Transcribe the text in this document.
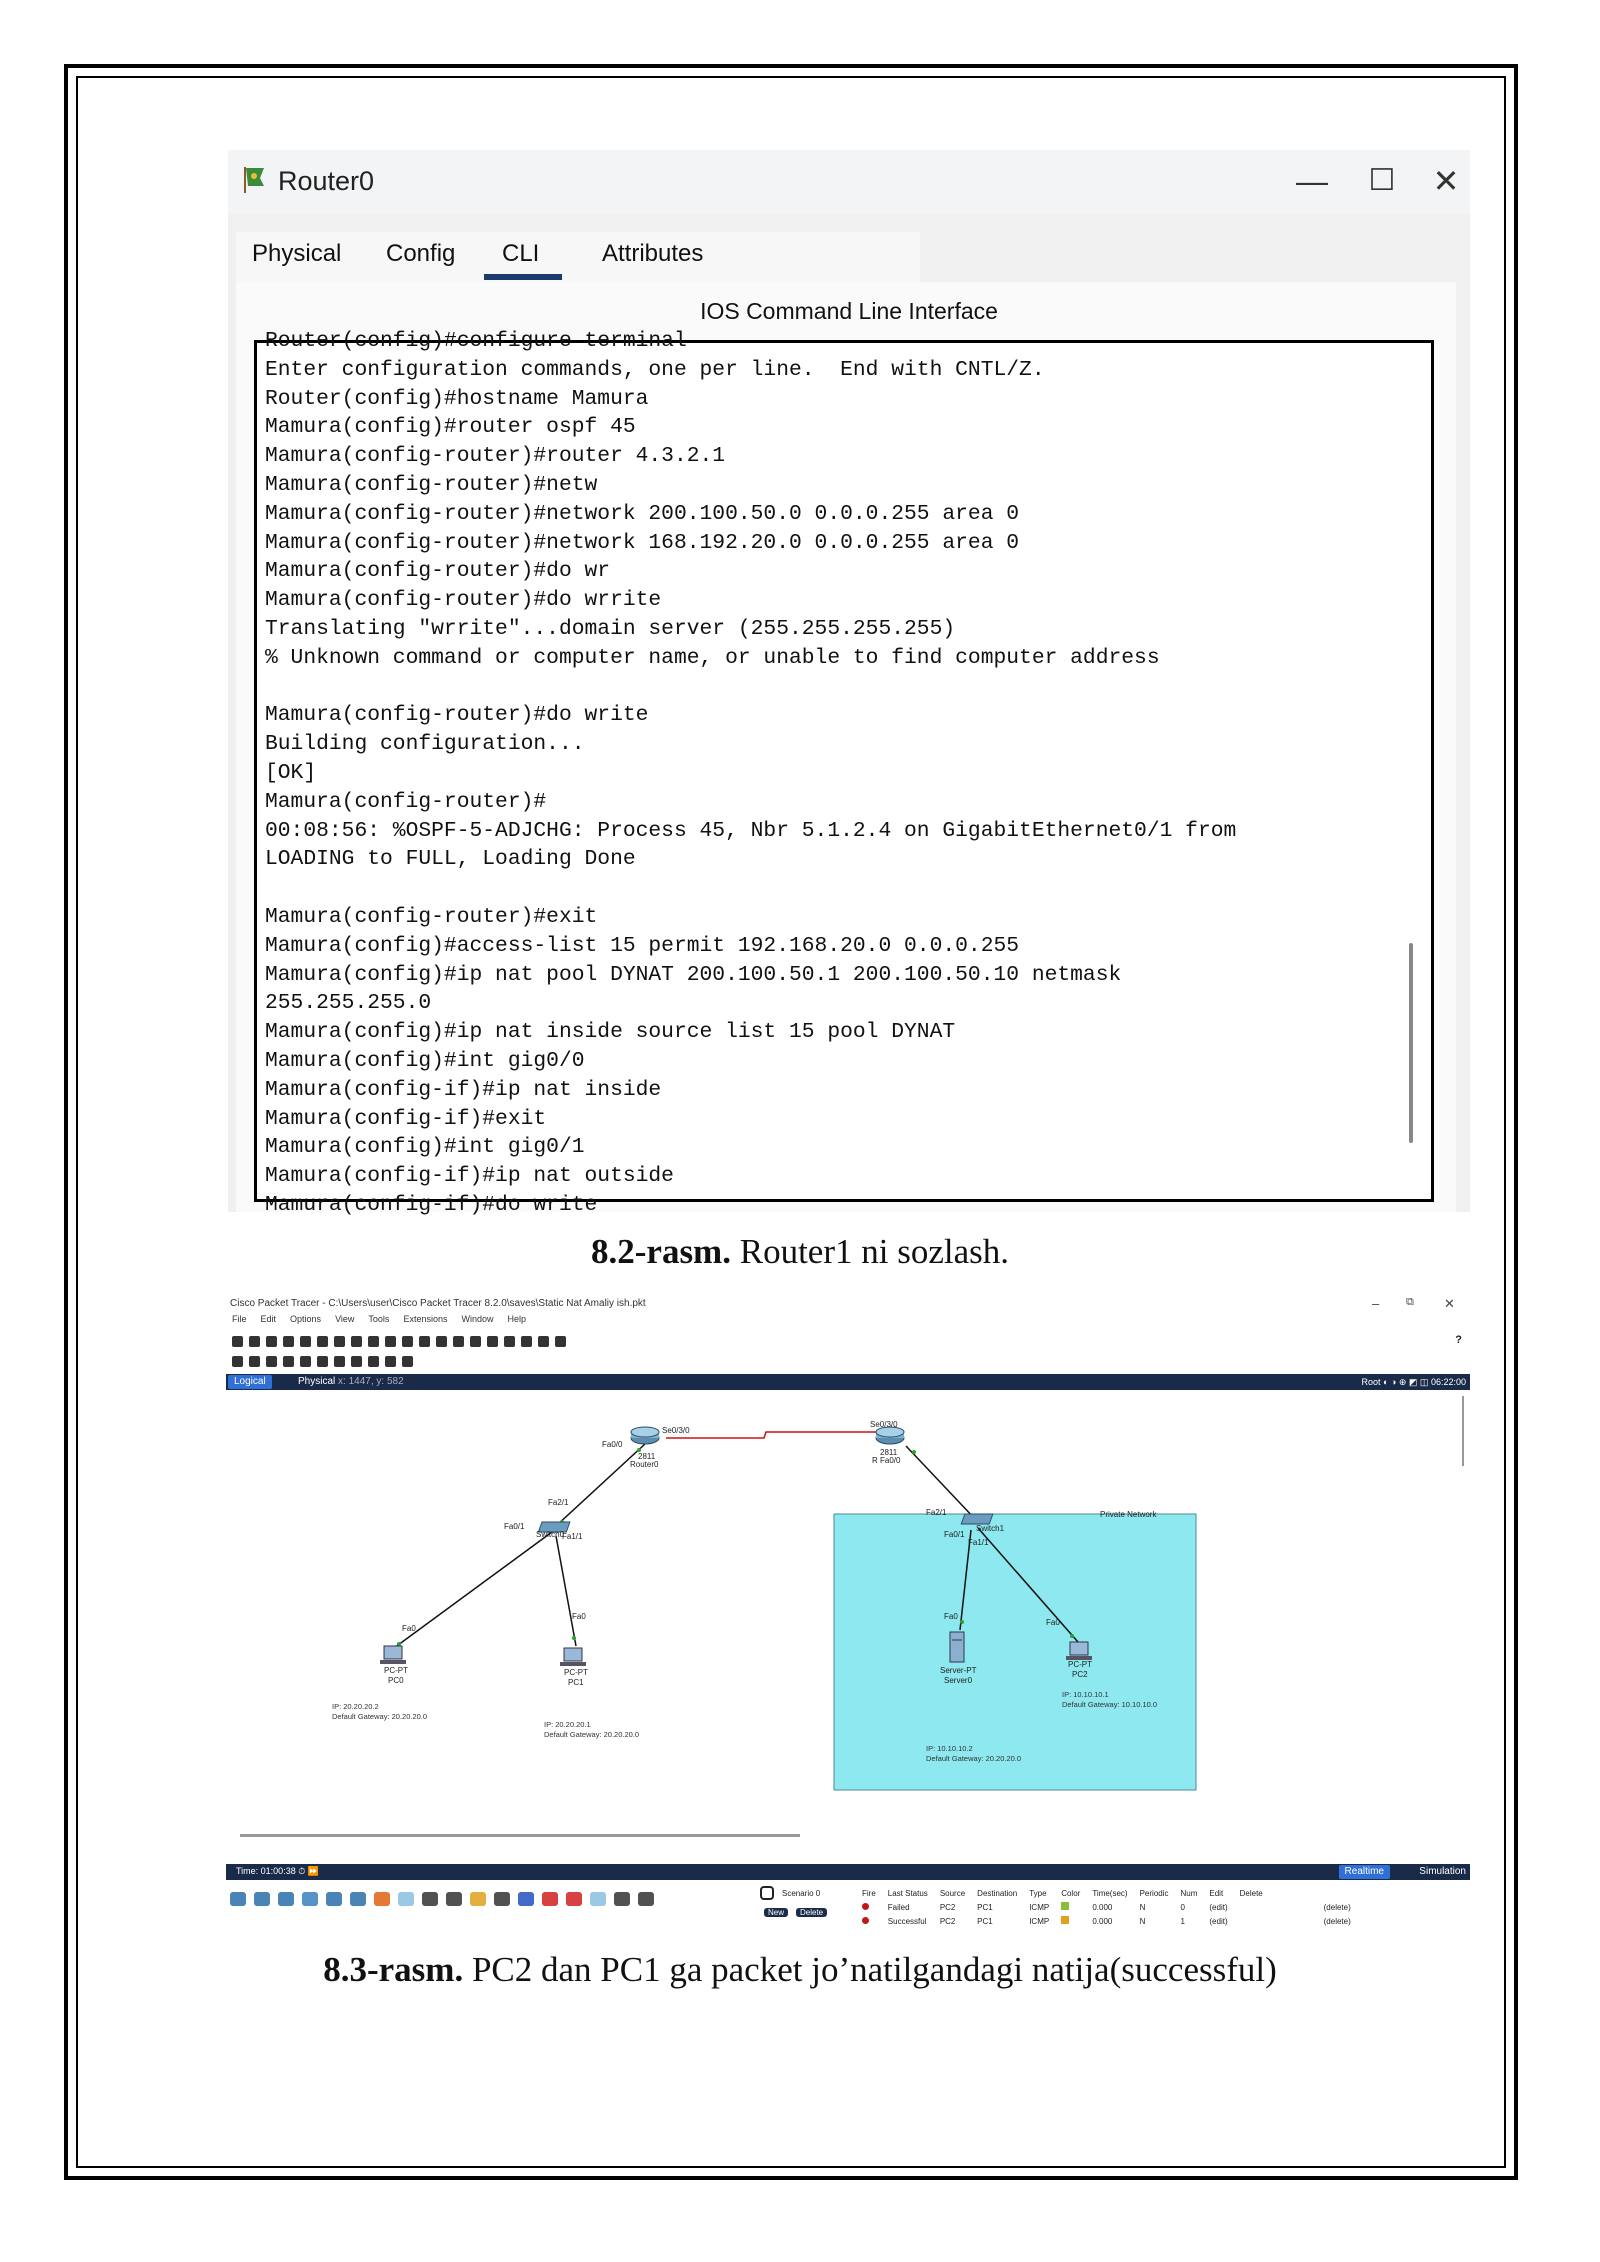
Router0	— ☐ ✕
Physical Config CLI	Attributes
IOS Command Line Interface
Router(config)#configure terminal
Enter configuration commands, one per line.  End with CNTL/Z.
Router(config)#hostname Mamura
Mamura(config)#router ospf 45
Mamura(config-router)#router 4.3.2.1
Mamura(config-router)#netw
Mamura(config-router)#network 200.100.50.0 0.0.0.255 area 0
Mamura(config-router)#network 168.192.20.0 0.0.0.255 area 0
Mamura(config-router)#do wr
Mamura(config-router)#do wrrite
Translating "wrrite"...domain server (255.255.255.255)
% Unknown command or computer name, or unable to find computer address

Mamura(config-router)#do write
Building configuration...
[OK]
Mamura(config-router)#
00:08:56: %OSPF-5-ADJCHG: Process 45, Nbr 5.1.2.4 on GigabitEthernet0/1 from
LOADING to FULL, Loading Done

Mamura(config-router)#exit
Mamura(config)#access-list 15 permit 192.168.20.0 0.0.0.255
Mamura(config)#ip nat pool DYNAT 200.100.50.1 200.100.50.10 netmask
255.255.255.0
Mamura(config)#ip nat inside source list 15 pool DYNAT
Mamura(config)#int gig0/0
Mamura(config-if)#ip nat inside
Mamura(config-if)#exit
Mamura(config)#int gig0/1
Mamura(config-if)#ip nat outside
Mamura(config-if)#do write
8.2-rasm. Router1 ni sozlash.
Cisco Packet Tracer - C:\Users\user\Cisco Packet Tracer 8.2.0\saves\Static Nat Amaliy ish.pkt	– ⧉ ✕
File Edit Options View Tools Extensions Window Help
?
Logical	Physical x: 1447, y: 582	Root ◐ ◑ ⊕ ◩ ◫ 06:22:00
Se0/3/0
Fa0/0
2811
Router0
Se0/3/0
2811
R Fa0/0
Fa2/1
Fa0/1
Fa1/1
Switch0
Fa2/1
Fa0/1
Fa1/1
Switch1
Private Network
Fa0
PC-PT
PC0
IP: 20.20.20.2
Default Gateway: 20.20.20.0
Fa0
PC-PT
PC1
IP: 20.20.20.1
Default Gateway: 20.20.20.0
Fa0
Server-PT
Server0
IP: 10.10.10.2
Default Gateway: 20.20.20.0
Fa0
PC-PT
PC2
IP: 10.10.10.1
Default Gateway: 10.10.10.0
Time: 01:00:38 ⏱ ⏩	Realtime	Simulation
Scenario 0
New	Delete
Fire	Last Status	Source	Destination	Type	Color	Time(sec)	Periodic	Num	Edit	Delete
	Failed	PC2	PC1	ICMP		0.000	N	0	(edit)	(delete)
	Successful	PC2	PC1	ICMP		0.000	N	1	(edit)	(delete)
8.3-rasm. PC2 dan PC1 ga packet jo’natilgandagi natija(successful)
